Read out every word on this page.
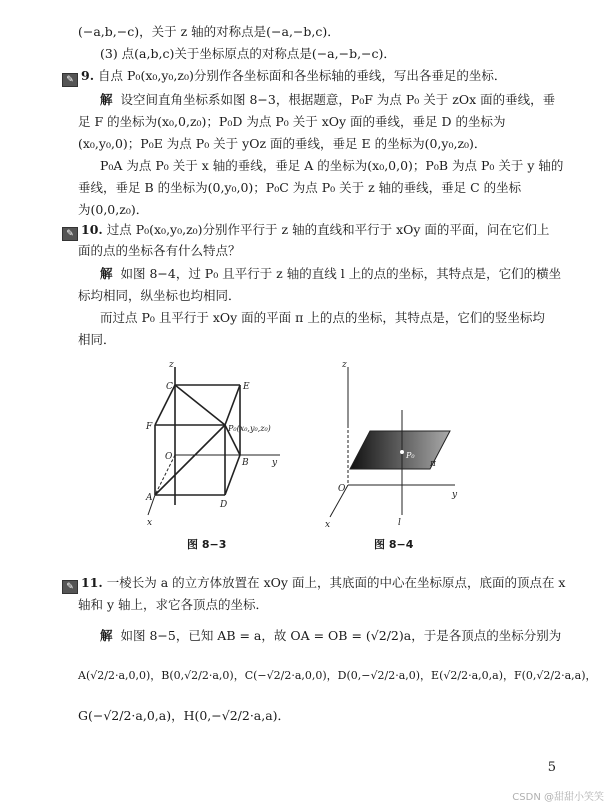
(−a,b,−c)，关于 z 轴的对称点是(−a,−b,c)．
(3) 点(a,b,c)关于坐标原点的对称点是(−a,−b,−c)．
✎ 9. 自点 P₀(x₀,y₀,z₀)分别作各坐标面和各坐标轴的垂线，写出各垂足的坐标．
解 设空间直角坐标系如图 8−3，根据题意，P₀F 为点 P₀ 关于 zOx 面的垂线，垂
足 F 的坐标为(x₀,0,z₀)；P₀D 为点 P₀ 关于 xOy 面的垂线，垂足 D 的坐标为
(x₀,y₀,0)；P₀E 为点 P₀ 关于 yOz 面的垂线，垂足 E 的坐标为(0,y₀,z₀)．
P₀A 为点 P₀ 关于 x 轴的垂线，垂足 A 的坐标为(x₀,0,0)；P₀B 为点 P₀ 关于 y 轴的
垂线，垂足 B 的坐标为(0,y₀,0)；P₀C 为点 P₀ 关于 z 轴的垂线，垂足 C 的坐标
为(0,0,z₀)．
✎ 10. 过点 P₀(x₀,y₀,z₀)分别作平行于 z 轴的直线和平行于 xOy 面的平面，问在它们上
面的点的坐标各有什么特点？
解 如图 8−4，过 P₀ 且平行于 z 轴的直线 l 上的点的坐标，其特点是，它们的横坐
标均相同，纵坐标也均相同．
而过点 P₀ 且平行于 xOy 面的平面 π 上的点的坐标，其特点是，它们的竖坐标均
相同．
z
y
x
O
A
B
C
D
E
F	P₀(x₀,y₀,z₀)
z
y
x
O
P₀
π
l
图 8−3	图 8−4
✎ 11. 一棱长为 a 的立方体放置在 xOy 面上，其底面的中心在坐标原点，底面的顶点在 x
轴和 y 轴上，求它各顶点的坐标．
解 如图 8−5，已知 AB = a，故 OA = OB = (√2/2)a，于是各顶点的坐标分别为
A(√2/2·a,0,0)，B(0,√2/2·a,0)，C(−√2/2·a,0,0)，D(0,−√2/2·a,0)，E(√2/2·a,0,a)，F(0,√2/2·a,a)，
G(−√2/2·a,0,a)，H(0,−√2/2·a,a)．
5
CSDN @甜甜小笑笑
